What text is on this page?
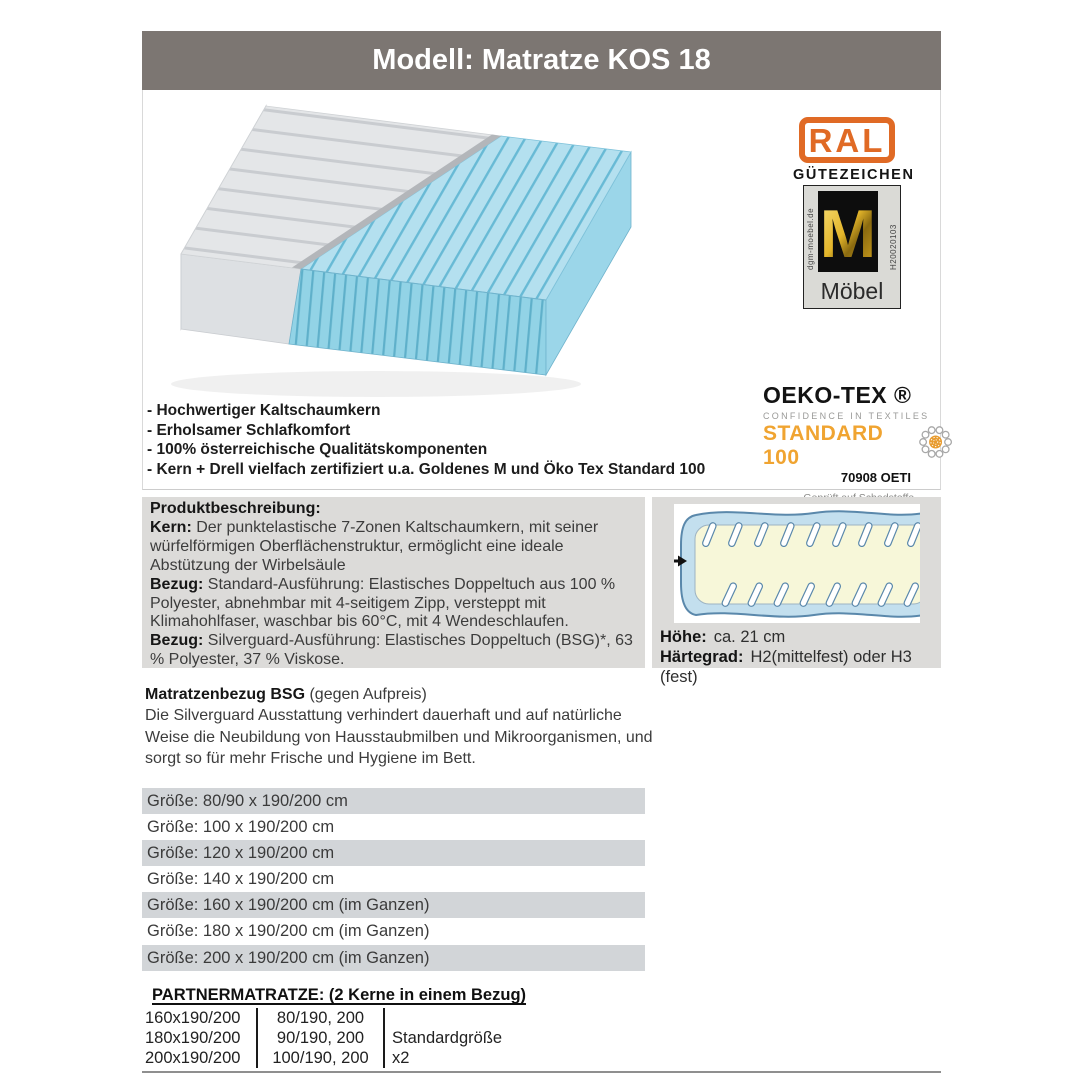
Modell: Matratze KOS 18
RAL
GÜTEZEICHEN
dgm-moebel.de M H20020103
Möbel
OEKO-TEX ®
CONFIDENCE IN TEXTILES
STANDARD 100
70908 OETI
- Hochwertiger Kaltschaumkern
- Erholsamer Schlafkomfort
- 100% österreichische Qualitätskomponenten
- Kern + Drell vielfach zertifiziert u.a. Goldenes M und Öko Tex Standard 100
Produktbeschreibung:

Kern: Der punktelastische 7-Zonen Kaltschaumkern, mit seiner würfelförmigen Oberflächenstruktur, ermöglicht eine ideale Abstützung der Wirbelsäule

Bezug: Standard-Ausführung: Elastisches Doppeltuch aus 100 % Polyester, abnehmbar mit 4-seitigem Zipp, versteppt mit Klimahohlfaser, waschbar bis 60°C, mit 4 Wendeschlaufen.

Bezug: Silverguard-Ausführung: Elastisches Doppeltuch (BSG)*, 63 % Polyester, 37 % Viskose.

Höhe: ca. 21 cm
Härtegrad: H2(mittelfest) oder H3 (fest)
Matratzenbezug BSG (gegen Aufpreis)
Die Silverguard Ausstattung verhindert dauerhaft und auf natürliche Weise die Neubildung von Hausstaubmilben und Mikroorganismen, und sorgt so für mehr Frische und Hygiene im Bett.
Größe: 80/90 x 190/200 cm
Größe: 100 x 190/200 cm
Größe: 120 x 190/200 cm
Größe: 140 x 190/200 cm
Größe: 160 x 190/200 cm (im Ganzen)
Größe: 180 x 190/200 cm (im Ganzen)
Größe: 200 x 190/200 cm (im Ganzen)
PARTNERMATRATZE: (2 Kerne in einem Bezug)
160x190/200
180x190/200
200x190/200
80/190, 200
90/190, 200
100/190, 200
Standardgröße
x2
